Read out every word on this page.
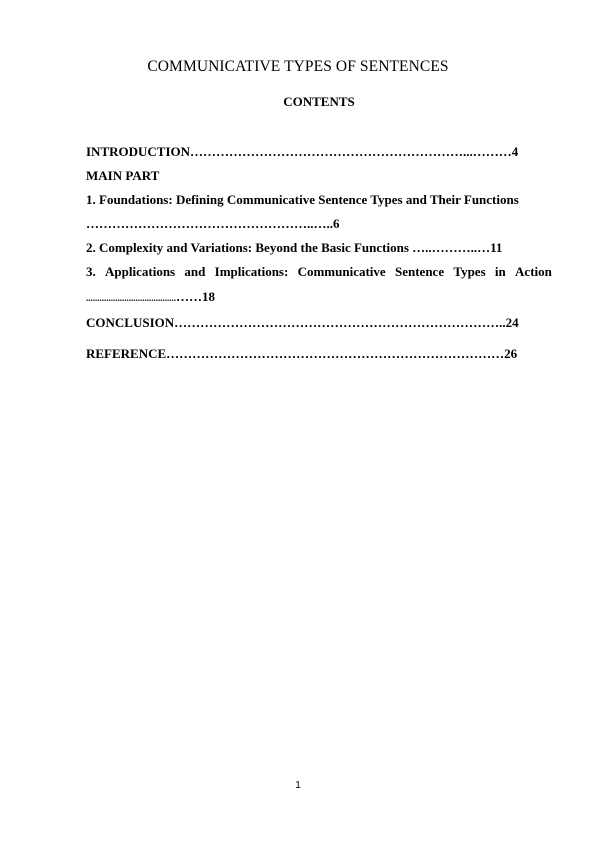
COMMUNICATIVE TYPES OF SENTENCES
CONTENTS
INTRODUCTION………………………………………………………...………4
MAIN PART
1. Foundations: Defining Communicative Sentence Types and Their Functions
……………………………………………..…..6
2. Complexity and Variations: Beyond the Basic Functions …..………..…11
3. Applications and Implications: Communicative Sentence Types in Action
........................................……18
CONCLUSION…………………………………………………………………..24
REFERENCE……………………………………………………………………26
1
